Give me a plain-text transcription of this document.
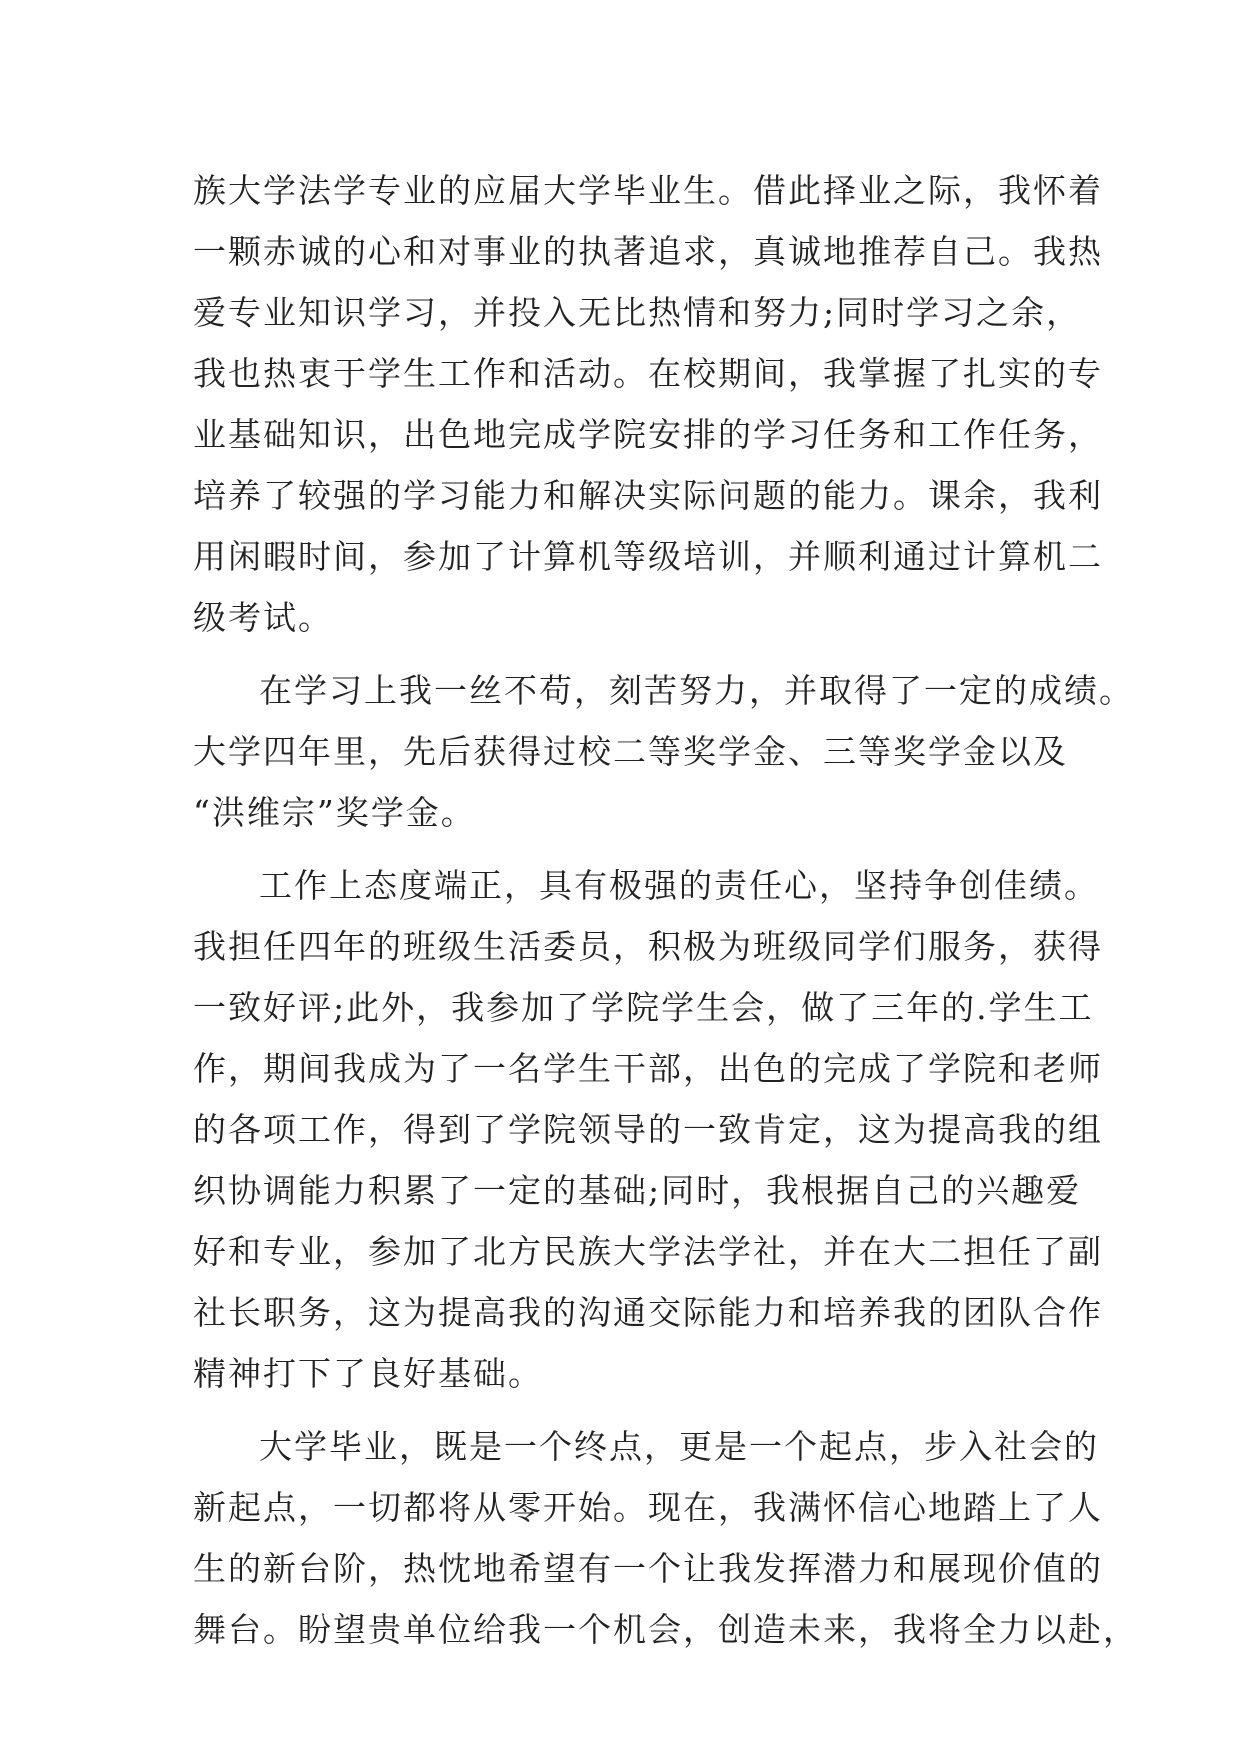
族大学法学专业的应届大学毕业生。借此择业之际，我怀着
一颗赤诚的心和对事业的执著追求，真诚地推荐自己。我热
爱专业知识学习，并投入无比热情和努力;同时学习之余，
我也热衷于学生工作和活动。在校期间，我掌握了扎实的专
业基础知识，出色地完成学院安排的学习任务和工作任务，
培养了较强的学习能力和解决实际问题的能力。课余，我利
用闲暇时间，参加了计算机等级培训，并顺利通过计算机二
级考试。
在学习上我一丝不苟，刻苦努力，并取得了一定的成绩。
大学四年里，先后获得过校二等奖学金、三等奖学金以及
“洪维宗”奖学金。
工作上态度端正，具有极强的责任心，坚持争创佳绩。
我担任四年的班级生活委员，积极为班级同学们服务，获得
一致好评;此外，我参加了学院学生会，做了三年的.学生工
作，期间我成为了一名学生干部，出色的完成了学院和老师
的各项工作，得到了学院领导的一致肯定，这为提高我的组
织协调能力积累了一定的基础;同时，我根据自己的兴趣爱
好和专业，参加了北方民族大学法学社，并在大二担任了副
社长职务，这为提高我的沟通交际能力和培养我的团队合作
精神打下了良好基础。
大学毕业，既是一个终点，更是一个起点，步入社会的
新起点，一切都将从零开始。现在，我满怀信心地踏上了人
生的新台阶，热忱地希望有一个让我发挥潜力和展现价值的
舞台。盼望贵单位给我一个机会，创造未来，我将全力以赴，
